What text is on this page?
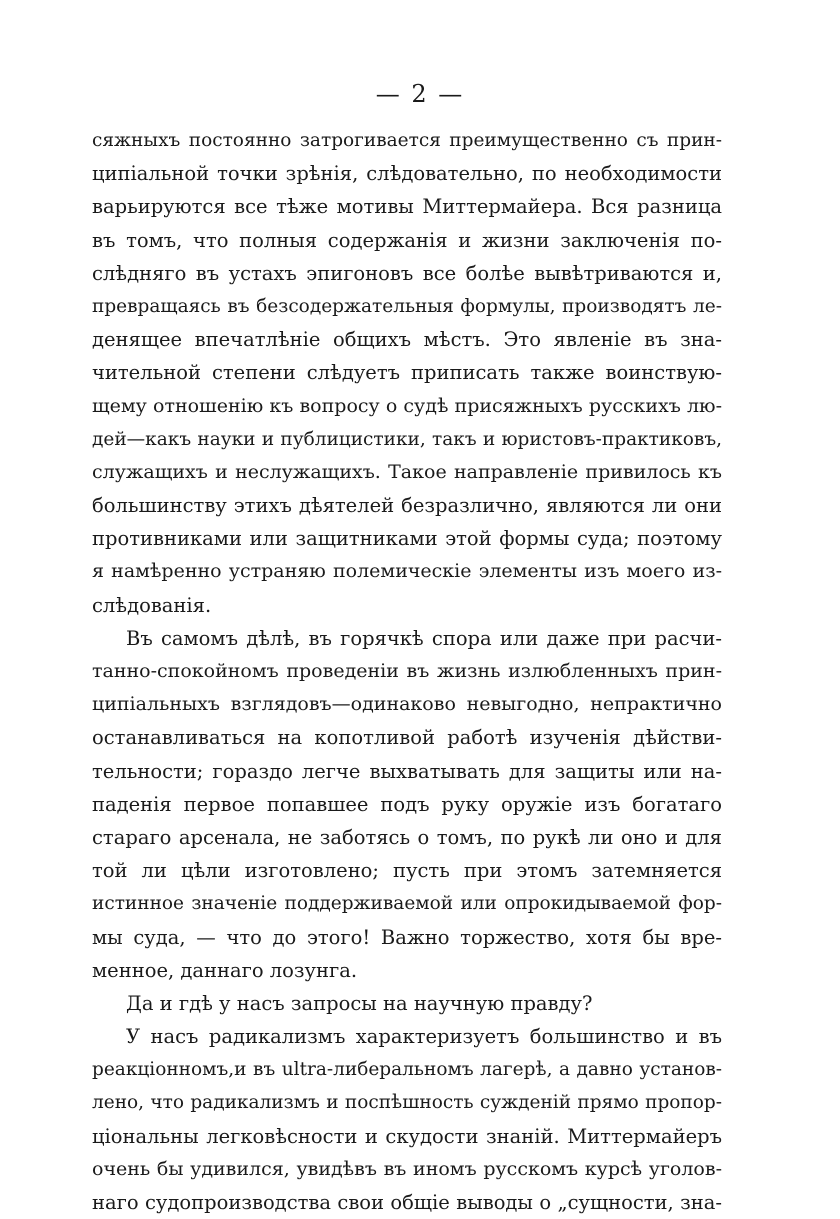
— 2 —
сяжныхъ постоянно затрогивается преимущественно съ прин-
ципіальной точки зрѣнія, слѣдовательно, по необходимости
варьируются все тѣже мотивы Миттермайера. Вся разница
въ томъ, что полныя содержанія и жизни заключенія по-
слѣдняго въ устахъ эпигоновъ все болѣе вывѣтриваются и,
превращаясь въ безсодержательныя формулы, производятъ ле-
денящее впечатлѣніе общихъ мѣстъ. Это явленіе въ зна-
чительной степени слѣдуетъ приписать также воинствую-
щему отношенію къ вопросу о судѣ присяжныхъ русскихъ лю-
дей—какъ науки и публицистики, такъ и юристовъ-практиковъ,
служащихъ и неслужащихъ. Такое направленіе привилось къ
большинству этихъ дѣятелей безразлично, являются ли они
противниками или защитниками этой формы суда; поэтому
я намѣренно устраняю полемическіе элементы изъ моего из-
слѣдованія.
Въ самомъ дѣлѣ, въ горячкѣ спора или даже при расчи-
танно-спокойномъ проведеніи въ жизнь излюбленныхъ прин-
ципіальныхъ взглядовъ—одинаково невыгодно, непрактично
останавливаться на копотливой работѣ изученія дѣйстви-
тельности; гораздо легче выхватывать для защиты или на-
паденія первое попавшее подъ руку оружіе изъ богатаго
стараго арсенала, не заботясь о томъ, по рукѣ ли оно и для
той ли цѣли изготовлено; пусть при этомъ затемняется
истинное значеніе поддерживаемой или опрокидываемой фор-
мы суда, — что до этого! Важно торжество, хотя бы вре-
менное, даннаго лозунга.
Да и гдѣ у насъ запросы на научную правду?
У насъ радикализмъ характеризуетъ большинство и въ
реакціонномъ,и въ ultra-либеральномъ лагерѣ, а давно установ-
лено, что радикализмъ и поспѣшность сужденій прямо пропор-
ціональны легковѣсности и скудости знаній. Миттермайеръ
очень бы удивился, увидѣвъ въ иномъ русскомъ курсѣ уголов-
наго судопроизводства свои общіе выводы о „сущности, зна-
